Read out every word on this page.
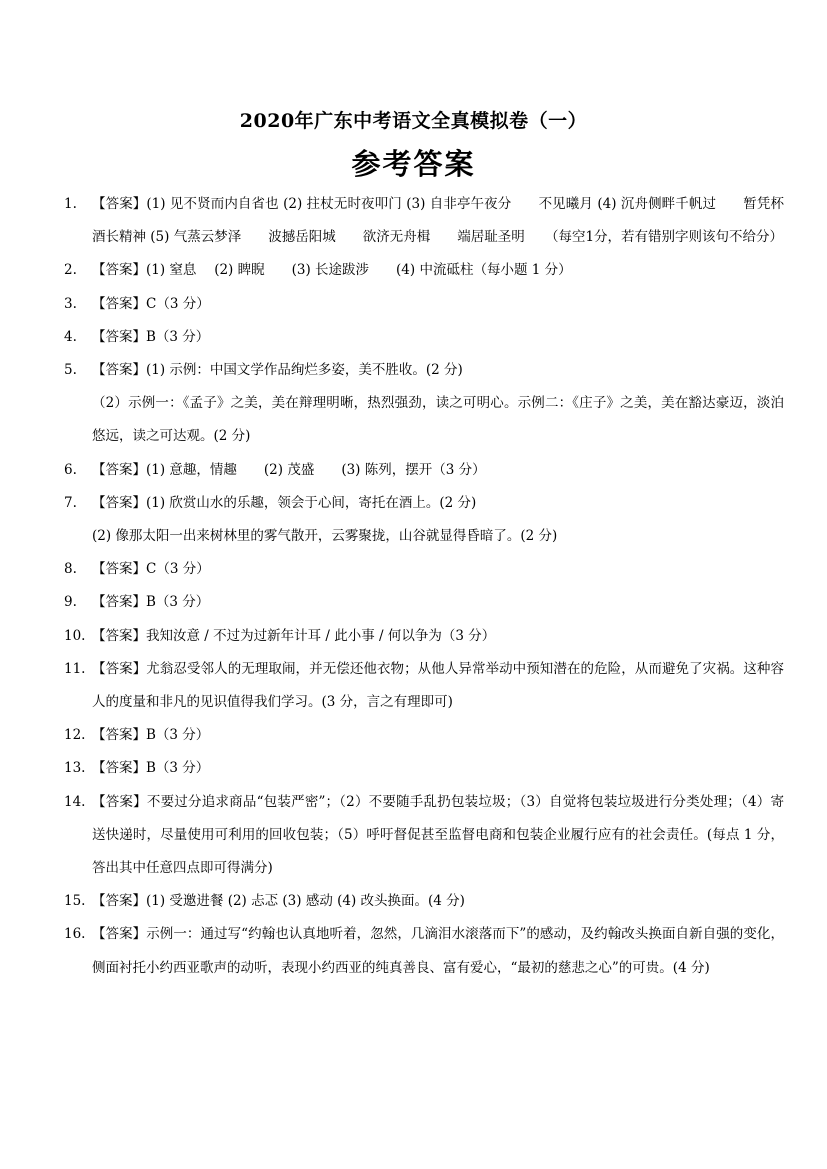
2020年广东中考语文全真模拟卷（一）
参考答案
1.	【答案】(1) 见不贤而内自省也 (2) 拄杖无时夜叩门 (3) 自非亭午夜分　　不见曦月 (4) 沉舟侧畔千帆过　　暂凭杯酒长精神 (5) 气蒸云梦泽　　波撼岳阳城　　欲济无舟楫　　端居耻圣明　　（每空1分，若有错别字则该句不给分）
2.	【答案】(1) 窒息　 (2) 睥睨　　(3) 长途跋涉　　(4) 中流砥柱（每小题 1 分）
3.	【答案】C（3 分）
4.	【答案】B（3 分）
5.	【答案】(1) 示例：中国文学作品绚烂多姿，美不胜收。(2 分)
（2）示例一：《孟子》之美，美在辩理明晰，热烈强劲，读之可明心。示例二：《庄子》之美，美在豁达豪迈，淡泊悠远，读之可达观。(2 分)
6.	【答案】(1) 意趣，情趣　　(2) 茂盛　　(3) 陈列，摆开（3 分）
7.	【答案】(1) 欣赏山水的乐趣，领会于心间，寄托在酒上。(2 分)
(2) 像那太阳一出来树林里的雾气散开，云雾聚拢，山谷就显得昏暗了。(2 分)
8.	【答案】C（3 分）
9.	【答案】B（3 分）
10. 【答案】我知汝意 / 不过为过新年计耳 / 此小事 / 何以争为（3 分）
11. 【答案】尤翁忍受邻人的无理取闹，并无偿还他衣物；从他人异常举动中预知潜在的危险，从而避免了灾祸。这种容人的度量和非凡的见识值得我们学习。(3 分，言之有理即可)
12. 【答案】B（3 分）
13. 【答案】B（3 分）
14. 【答案】不要过分追求商品“包装严密”；（2）不要随手乱扔包装垃圾；（3）自觉将包装垃圾进行分类处理；（4）寄送快递时，尽量使用可利用的回收包装；（5）呼吁督促甚至监督电商和包装企业履行应有的社会责任。(每点 1 分，答出其中任意四点即可得满分)
15. 【答案】(1) 受邀进餐 (2) 忐忑 (3) 感动 (4) 改头换面。(4 分)
16. 【答案】示例一：通过写“约翰也认真地听着，忽然，几滴泪水滚落而下”的感动，及约翰改头换面自新自强的变化，侧面衬托小约西亚歌声的动听，表现小约西亚的纯真善良、富有爱心，“最初的慈悲之心”的可贵。(4 分)
